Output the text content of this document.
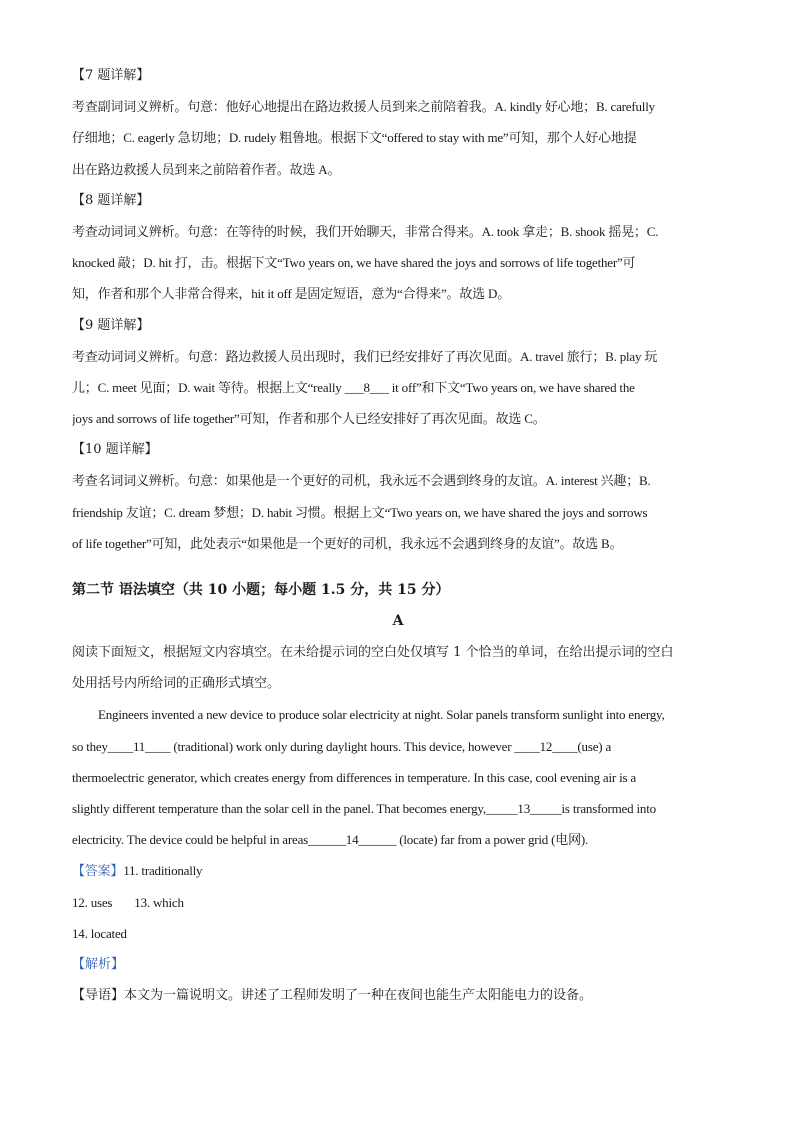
【7 题详解】
考查副词词义辨析。句意：他好心地提出在路边救援人员到来之前陪着我。A. kindly 好心地；B. carefully
仔细地；C. eagerly 急切地；D. rudely 粗鲁地。根据下文“offered to stay with me”可知，那个人好心地提
出在路边救援人员到来之前陪着作者。故选 A。
【8 题详解】
考查动词词义辨析。句意：在等待的时候，我们开始聊天，非常合得来。A. took 拿走；B. shook 摇晃；C.
knocked 敲；D. hit 打，击。根据下文“Two years on, we have shared the joys and sorrows of life together”可
知，作者和那个人非常合得来，hit it off 是固定短语，意为“合得来”。故选 D。
【9 题详解】
考查动词词义辨析。句意：路边救援人员出现时，我们已经安排好了再次见面。A. travel 旅行；B. play 玩
儿；C. meet 见面；D. wait 等待。根据上文“really ___8___ it off”和下文“Two years on, we have shared the
joys and sorrows of life together”可知，作者和那个人已经安排好了再次见面。故选 C。
【10 题详解】
考查名词词义辨析。句意：如果他是一个更好的司机，我永远不会遇到终身的友谊。A. interest 兴趣；B.
friendship 友谊；C. dream 梦想；D. habit 习惯。根据上文“Two years on, we have shared the joys and sorrows
of life together”可知，此处表示“如果他是一个更好的司机，我永远不会遇到终身的友谊”。故选 B。
第二节 语法填空（共 10 小题；每小题 1.5 分，共 15 分）
A
阅读下面短文，根据短文内容填空。在未给提示词的空白处仅填写 1 个恰当的单词，在给出提示词的空白
处用括号内所给词的正确形式填空。
Engineers invented a new device to produce solar electricity at night. Solar panels transform sunlight into energy,
so they____11____ (traditional) work only during daylight hours. This device, however ____12____(use) a
thermoelectric generator, which creates energy from differences in temperature. In this case, cool evening air is a
slightly different temperature than the solar cell in the panel. That becomes energy,_____13_____is transformed into
electricity. The device could be helpful in areas______14______ (locate) far from a power grid (电网).
【答案】11. traditionally
12. uses 13. which
14. located
【解析】
【导语】本文为一篇说明文。讲述了工程师发明了一种在夜间也能生产太阳能电力的设备。
